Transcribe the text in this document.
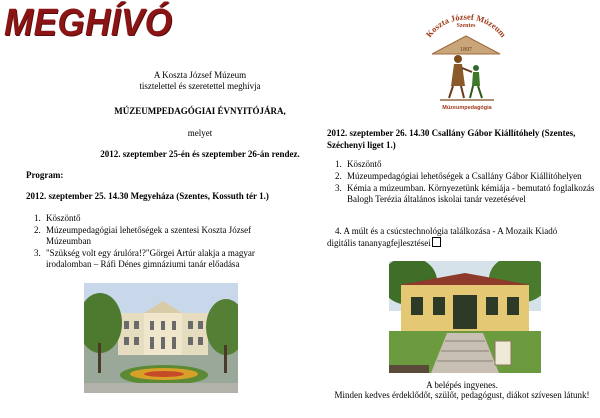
MEGHÍVÓ	Koszta József Múzeum
Szentes
1897
Múzeumpedagógia
A Koszta József Múzeum
tisztelettel és szeretettel meghívja
MÚZEUMPEDAGÓGIAI ÉVNYITÓJÁRA,
melyet
2012. szeptember 25-én és szeptember 26-án rendez.
Program:
2012. szeptember 25. 14.30 Megyeháza (Szentes, Kossuth tér 1.)
1. Köszöntő
2. Múzeumpedagógiai lehetőségek a szentesi Koszta József Múzeumban
3. "Szükség volt egy árulóra!?"Görgei Artúr alakja a magyar irodalomban – Ráfi Dénes gimnáziumi tanár előadása
2012. szeptember 26. 14.30 Csallány Gábor Kiállítóhely (Szentes, Széchenyi liget 1.)
1. Köszöntő
2. Múzeumpedagógiai lehetőségek a Csallány Gábor Kiállítóhelyen
3. Kémia a múzeumban. Környezetünk kémiája - bemutató foglalkozás Balogh Terézia általános iskolai tanár vezetésével
4. A múlt és a csúcstechnológia találkozása - A Mozaik Kiadó digitális tananyagfejlesztései
A belépés ingyenes.
Minden kedves érdeklődőt, szülőt, pedagógust, diákot szívesen látunk!
